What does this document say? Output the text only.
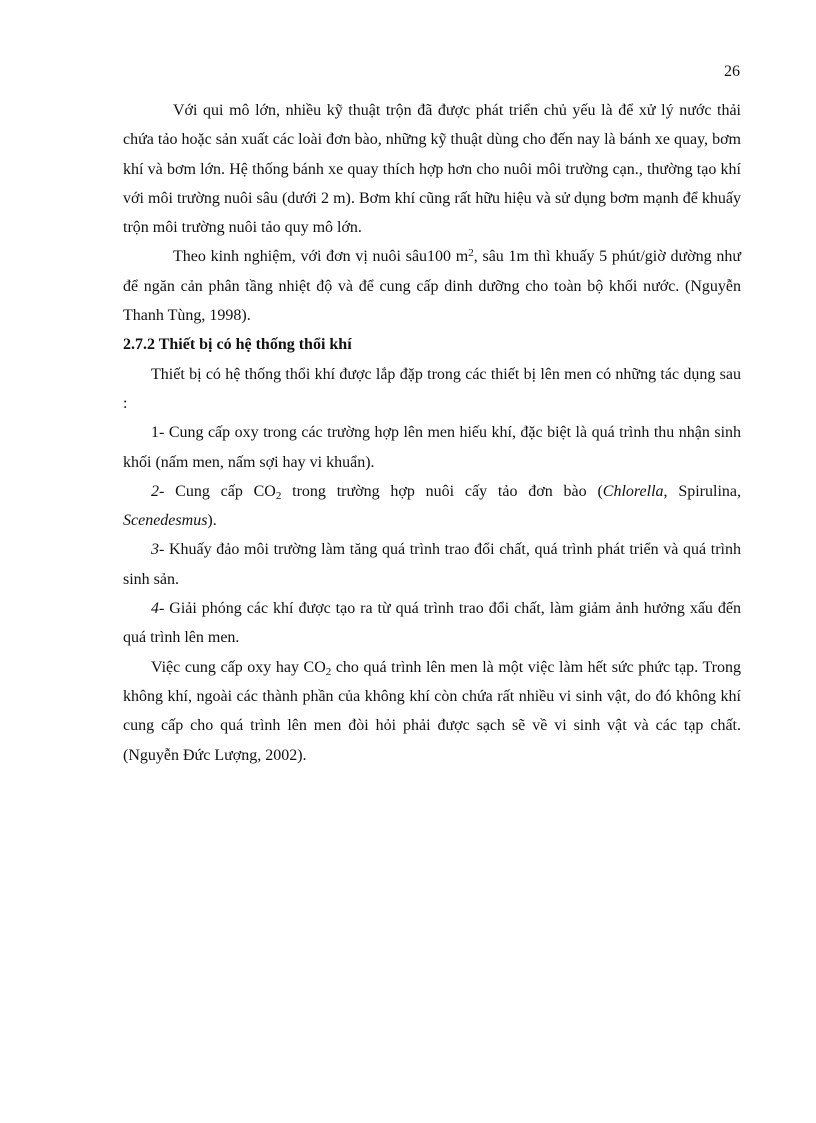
26

Với qui mô lớn, nhiều kỹ thuật trộn đã được phát triển chủ yếu là để xử lý nước thải chứa tảo hoặc sản xuất các loài đơn bào, những kỹ thuật dùng cho đến nay là bánh xe quay, bơm khí và bơm lớn. Hệ thống bánh xe quay thích hợp hơn cho nuôi môi trường cạn., thường tạo khí với môi trường nuôi sâu (dưới 2 m). Bơm khí cũng rất hữu hiệu và sử dụng bơm mạnh để khuấy trộn môi trường nuôi tảo quy mô lớn.

Theo kinh nghiệm, với đơn vị nuôi sâu100 $m^2$, sâu 1m thì khuấy 5 phút/giờ dường như để ngăn cản phân tầng nhiệt độ và để cung cấp dinh dưỡng cho toàn bộ khối nước. (Nguyễn Thanh Tùng, 1998).

2.7.2 Thiết bị có hệ thống thổi khí

Thiết bị có hệ thống thổi khí được lắp đặp trong các thiết bị lên men có những tác dụng sau :

1- Cung cấp oxy trong các trường hợp lên men hiếu khí, đặc biệt là quá trình thu nhận sinh khối (nấm men, nấm sợi hay vi khuẩn).

2- Cung cấp $CO_2$ trong trường hợp nuôi cấy tảo đơn bào (Chlorella, Spirulina, Scenedesmus).

3- Khuấy đảo môi trường làm tăng quá trình trao đổi chất, quá trình phát triển và quá trình sinh sản.

4- Giải phóng các khí được tạo ra từ quá trình trao đổi chất, làm giảm ảnh hưởng xấu đến quá trình lên men.

Việc cung cấp oxy hay $CO_2$ cho quá trình lên men là một việc làm hết sức phức tạp. Trong không khí, ngoài các thành phần của không khí còn chứa rất nhiều vi sinh vật, do đó không khí cung cấp cho quá trình lên men đòi hỏi phải được sạch sẽ về vi sinh vật và các tạp chất. (Nguyễn Đức Lượng, 2002).
